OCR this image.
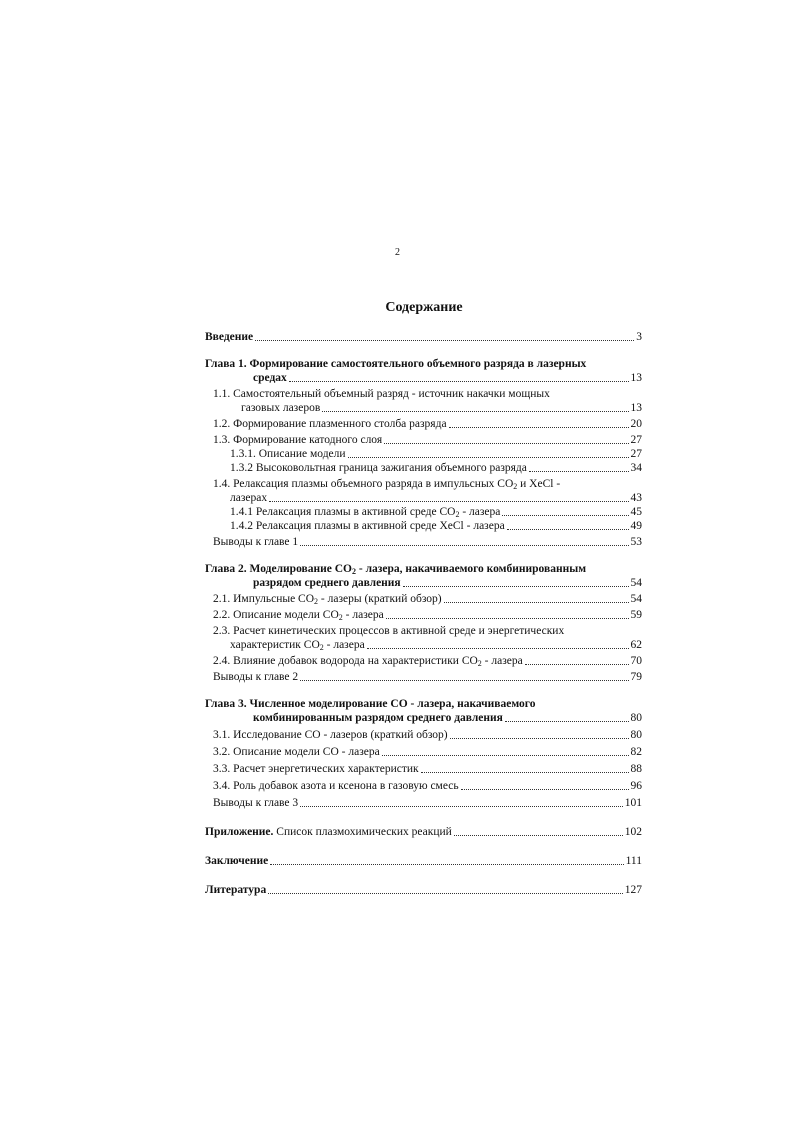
2
Содержание
Введение	3
Глава 1. Формирование самостоятельного объемного разряда в лазерных
средах	13
1.1. Самостоятельный объемный разряд - источник накачки мощных
газовых лазеров	13
1.2. Формирование плазменного столба разряда	20
1.3. Формирование катодного слоя	27
1.3.1. Описание модели	27
1.3.2 Высоковольтная граница зажигания объемного разряда	34
1.4. Релаксация плазмы объемного разряда в импульсных $CO_2$ и XeCl -
лазерах	43
1.4.1 Релаксация плазмы в активной среде $CO_2$ - лазера	45
1.4.2 Релаксация плазмы в активной среде XeCl - лазера	49
Выводы к главе 1	53
Глава 2. Моделирование $CO_2$ - лазера, накачиваемого комбинированным
разрядом среднего давления	54
2.1. Импульсные $CO_2$ - лазеры (краткий обзор)	54
2.2. Описание модели $CO_2$ - лазера	59
2.3. Расчет кинетических процессов в активной среде и энергетических
характеристик $CO_2$ - лазера	62
2.4. Влияние добавок водорода на характеристики $CO_2$ - лазера	70
Выводы к главе 2	79
Глава 3. Численное моделирование CO - лазера, накачиваемого
комбинированным разрядом среднего давления	80
3.1. Исследование CO - лазеров (краткий обзор)	80
3.2. Описание модели CO - лазера	82
3.3. Расчет энергетических характеристик	88
3.4. Роль добавок азота и ксенона в газовую смесь	96
Выводы к главе 3	101
Приложение. Список плазмохимических реакций	102
Заключение	111
Литература	127
